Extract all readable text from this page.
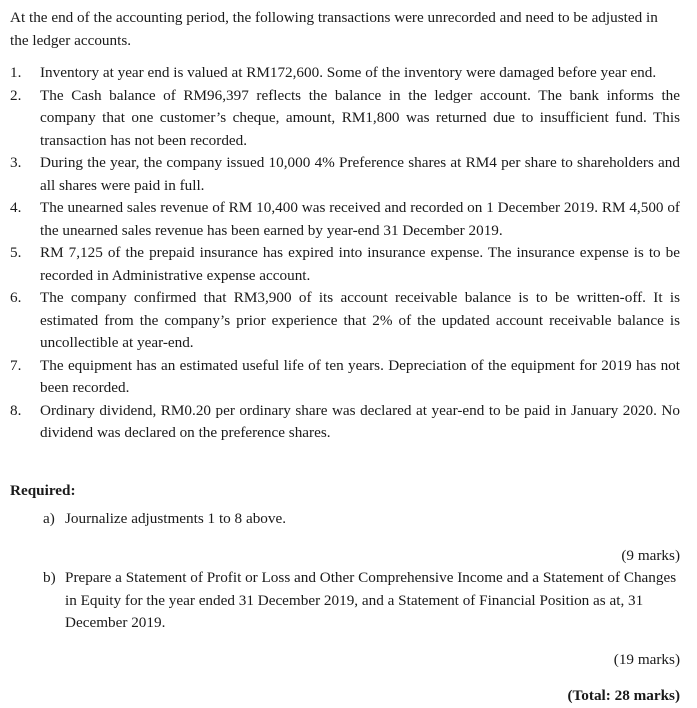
At the end of the accounting period, the following transactions were unrecorded and need to be adjusted in the ledger accounts.

1.	Inventory at year end is valued at RM172,600. Some of the inventory were damaged before year end.
2.	The Cash balance of RM96,397 reflects the balance in the ledger account. The bank informs the company that one customer’s cheque, amount, RM1,800 was returned due to insufficient fund. This transaction has not been recorded.
3.	During the year, the company issued 10,000 4% Preference shares at RM4 per share to shareholders and all shares were paid in full.
4.	The unearned sales revenue of RM 10,400 was received and recorded on 1 December 2019. RM 4,500 of the unearned sales revenue has been earned by year-end 31 December 2019.
5.	RM 7,125 of the prepaid insurance has expired into insurance expense. The insurance expense is to be recorded in Administrative expense account.
6.	The company confirmed that RM3,900 of its account receivable balance is to be written-off. It is estimated from the company’s prior experience that 2% of the updated account receivable balance is uncollectible at year-end.
7.	The equipment has an estimated useful life of ten years. Depreciation of the equipment for 2019 has not been recorded.
8.	Ordinary dividend, RM0.20 per ordinary share was declared at year-end to be paid in January 2020. No dividend was declared on the preference shares.
Required:
a) Journalize adjustments 1 to 8 above.
(9 marks)
b) Prepare a Statement of Profit or Loss and Other Comprehensive Income and a Statement of Changes in Equity for the year ended 31 December 2019, and a Statement of Financial Position as at, 31 December 2019.
(19 marks)
(Total: 28 marks)
